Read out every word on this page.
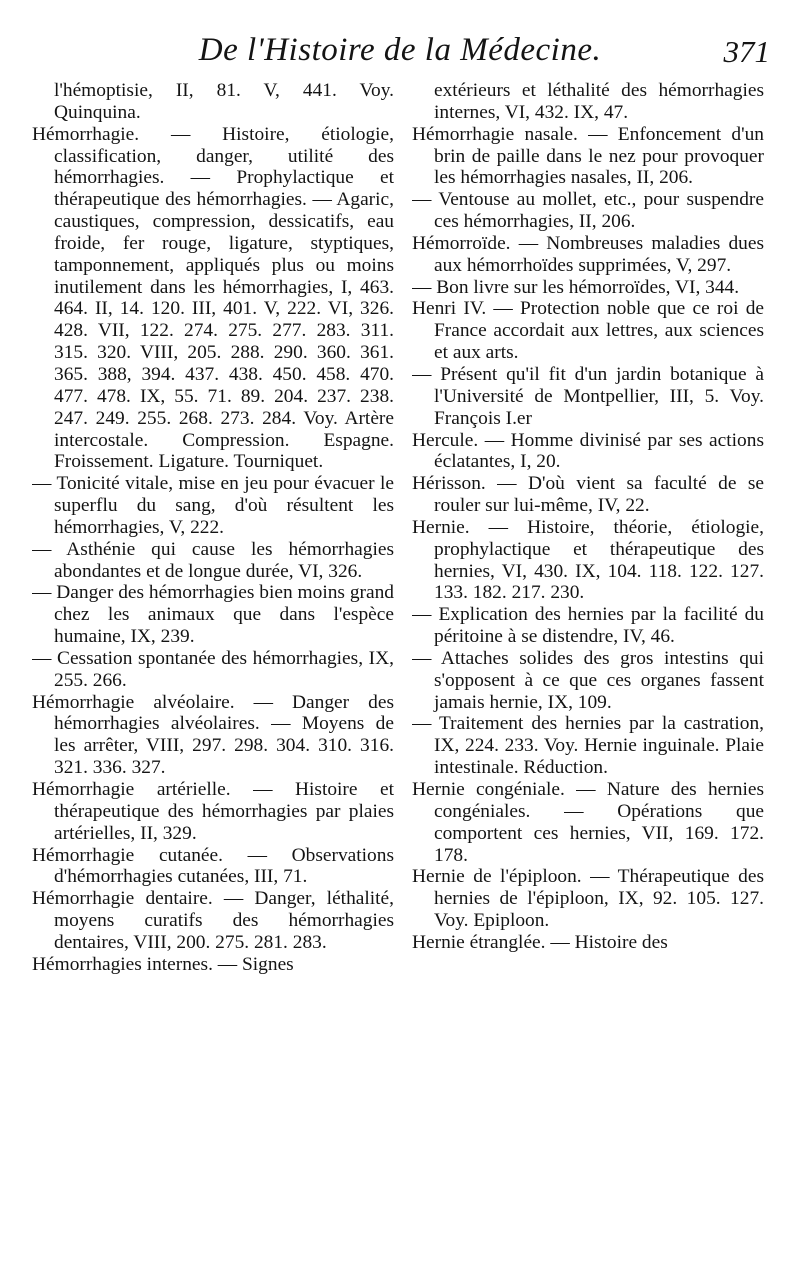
De l'Histoire de la Médecine.	371

l'hémoptisie, II, 81. V, 441. Voy. Quinquina.

Hémorrhagie. — Histoire, étiologie, classification, danger, utilité des hémorrhagies. — Prophylactique et thérapeutique des hémorrhagies. — Agaric, caustiques, compression, dessicatifs, eau froide, fer rouge, ligature, styptiques, tamponnement, appliqués plus ou moins inutilement dans les hémorrhagies, I, 463. 464. II, 14. 120. III, 401. V, 222. VI, 326. 428. VII, 122. 274. 275. 277. 283. 311. 315. 320. VIII, 205. 288. 290. 360. 361. 365. 388, 394. 437. 438. 450. 458. 470. 477. 478. IX, 55. 71. 89. 204. 237. 238. 247. 249. 255. 268. 273. 284. Voy. Artère intercostale. Compression. Espagne. Froissement. Ligature. Tourniquet.

— Tonicité vitale, mise en jeu pour évacuer le superflu du sang, d'où résultent les hémorrhagies, V, 222.

— Asthénie qui cause les hémorrhagies abondantes et de longue durée, VI, 326.

— Danger des hémorrhagies bien moins grand chez les animaux que dans l'espèce humaine, IX, 239.

— Cessation spontanée des hémorrhagies, IX, 255. 266.

Hémorrhagie alvéolaire. — Danger des hémorrhagies alvéolaires. — Moyens de les arrêter, VIII, 297. 298. 304. 310. 316. 321. 336. 327.

Hémorrhagie artérielle. — Histoire et thérapeutique des hémorrhagies par plaies artérielles, II, 329.

Hémorrhagie cutanée. — Observations d'hémorrhagies cutanées, III, 71.

Hémorrhagie dentaire. — Danger, léthalité, moyens curatifs des hémorrhagies dentaires, VIII, 200. 275. 281. 283.

Hémorrhagies internes. — Signes

extérieurs et léthalité des hémorrhagies internes, VI, 432. IX, 47.

Hémorrhagie nasale. — Enfoncement d'un brin de paille dans le nez pour provoquer les hémorrhagies nasales, II, 206.

— Ventouse au mollet, etc., pour suspendre ces hémorrhagies, II, 206.

Hémorroïde. — Nombreuses maladies dues aux hémorrhoïdes supprimées, V, 297.

— Bon livre sur les hémorroïdes, VI, 344.

Henri IV. — Protection noble que ce roi de France accordait aux lettres, aux sciences et aux arts.

— Présent qu'il fit d'un jardin botanique à l'Université de Montpellier, III, 5. Voy. François I.er

Hercule. — Homme divinisé par ses actions éclatantes, I, 20.

Hérisson. — D'où vient sa faculté de se rouler sur lui-même, IV, 22.

Hernie. — Histoire, théorie, étiologie, prophylactique et thérapeutique des hernies, VI, 430. IX, 104. 118. 122. 127. 133. 182. 217. 230.

— Explication des hernies par la facilité du péritoine à se distendre, IV, 46.

— Attaches solides des gros intestins qui s'opposent à ce que ces organes fassent jamais hernie, IX, 109.

— Traitement des hernies par la castration, IX, 224. 233. Voy. Hernie inguinale. Plaie intestinale. Réduction.

Hernie congéniale. — Nature des hernies congéniales. — Opérations que comportent ces hernies, VII, 169. 172. 178.

Hernie de l'épiploon. — Thérapeutique des hernies de l'épiploon, IX, 92. 105. 127. Voy. Epiploon.

Hernie étranglée. — Histoire des
